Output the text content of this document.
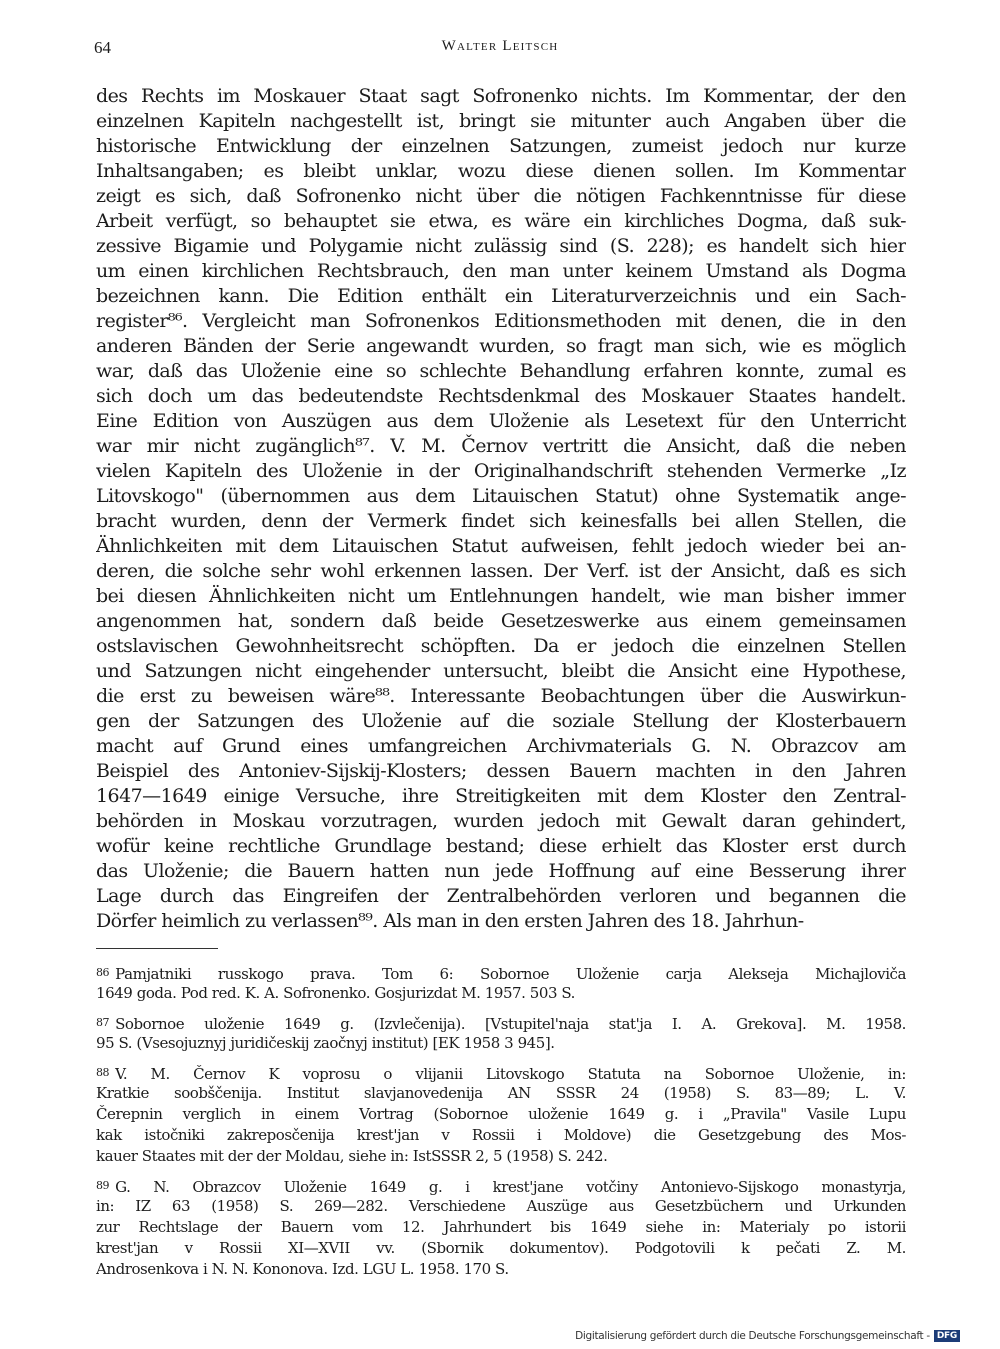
64	Walter Leitsch
des Rechts im Moskauer Staat sagt Sofronenko nichts. Im Kommentar, der den
einzelnen Kapiteln nachgestellt ist, bringt sie mitunter auch Angaben über die
historische Entwicklung der einzelnen Satzungen, zumeist jedoch nur kurze
Inhaltsangaben; es bleibt unklar, wozu diese dienen sollen. Im Kommentar
zeigt es sich, daß Sofronenko nicht über die nötigen Fachkenntnisse für diese
Arbeit verfügt, so behauptet sie etwa, es wäre ein kirchliches Dogma, daß suk-
zessive Bigamie und Polygamie nicht zulässig sind (S. 228); es handelt sich hier
um einen kirchlichen Rechtsbrauch, den man unter keinem Umstand als Dogma
bezeichnen kann. Die Edition enthält ein Literaturverzeichnis und ein Sach-
register⁸⁶. Vergleicht man Sofronenkos Editionsmethoden mit denen, die in den
anderen Bänden der Serie angewandt wurden, so fragt man sich, wie es möglich
war, daß das Uloženie eine so schlechte Behandlung erfahren konnte, zumal es
sich doch um das bedeutendste Rechtsdenkmal des Moskauer Staates handelt.
Eine Edition von Auszügen aus dem Uloženie als Lesetext für den Unterricht
war mir nicht zugänglich⁸⁷. V. M. Černov vertritt die Ansicht, daß die neben
vielen Kapiteln des Uloženie in der Originalhandschrift stehenden Vermerke „Iz
Litovskogo" (übernommen aus dem Litauischen Statut) ohne Systematik ange-
bracht wurden, denn der Vermerk findet sich keinesfalls bei allen Stellen, die
Ähnlichkeiten mit dem Litauischen Statut aufweisen, fehlt jedoch wieder bei an-
deren, die solche sehr wohl erkennen lassen. Der Verf. ist der Ansicht, daß es sich
bei diesen Ähnlichkeiten nicht um Entlehnungen handelt, wie man bisher immer
angenommen hat, sondern daß beide Gesetzeswerke aus einem gemeinsamen
ostslavischen Gewohnheitsrecht schöpften. Da er jedoch die einzelnen Stellen
und Satzungen nicht eingehender untersucht, bleibt die Ansicht eine Hypothese,
die erst zu beweisen wäre⁸⁸. Interessante Beobachtungen über die Auswirkun-
gen der Satzungen des Uloženie auf die soziale Stellung der Klosterbauern
macht auf Grund eines umfangreichen Archivmaterials G. N. Obrazcov am
Beispiel des Antoniev-Sijskij-Klosters; dessen Bauern machten in den Jahren
1647—1649 einige Versuche, ihre Streitigkeiten mit dem Kloster den Zentral-
behörden in Moskau vorzutragen, wurden jedoch mit Gewalt daran gehindert,
wofür keine rechtliche Grundlage bestand; diese erhielt das Kloster erst durch
das Uloženie; die Bauern hatten nun jede Hoffnung auf eine Besserung ihrer
Lage durch das Eingreifen der Zentralbehörden verloren und begannen die
Dörfer heimlich zu verlassen⁸⁹. Als man in den ersten Jahren des 18. Jahrhun-
$^{86}$ Pamjatniki russkogo prava. Tom 6: Sobornoe Uloženie carja Alekseja Michajloviča
1649 goda. Pod red. K. A. Sofronenko. Gosjurizdat M. 1957. 503 S.
$^{87}$ Sobornoe uloženie 1649 g. (Izvlečenija). [Vstupitel'naja stat'ja I. A. Grekova]. M. 1958.
95 S. (Vsesojuznyj juridičeskij zaočnyj institut) [EK 1958 3 945].
$^{88}$ V. M. Černov K voprosu o vlijanii Litovskogo Statuta na Sobornoe Uloženie, in:
Kratkie soobščenija. Institut slavjanovedenija AN SSSR 24 (1958) S. 83—89; L. V.
Čerepnin verglich in einem Vortrag (Sobornoe uloženie 1649 g. i „Pravila" Vasile Lupu
kak istočniki zakreposčenija krest'jan v Rossii i Moldove) die Gesetzgebung des Mos-
kauer Staates mit der der Moldau, siehe in: IstSSSR 2, 5 (1958) S. 242.
$^{89}$ G. N. Obrazcov Uloženie 1649 g. i krest'jane votčiny Antonievo-Sijskogo monastyrja,
in: IZ 63 (1958) S. 269—282. Verschiedene Auszüge aus Gesetzbüchern und Urkunden
zur Rechtslage der Bauern vom 12. Jahrhundert bis 1649 siehe in: Materialy po istorii
krest'jan v Rossii XI—XVII vv. (Sbornik dokumentov). Podgotovili k pečati Z. M.
Androsenkova i N. N. Kononova. Izd. LGU L. 1958. 170 S.
Digitalisierung gefördert durch die Deutsche Forschungsgemeinschaft - DFG
